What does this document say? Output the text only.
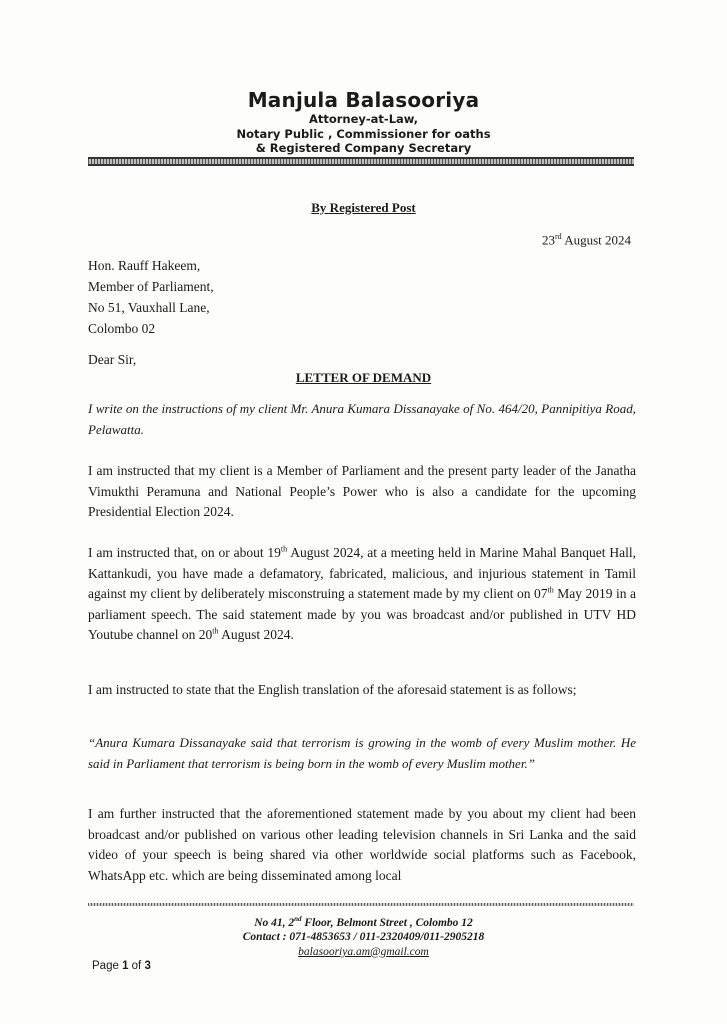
Manjula Balasooriya
Attorney-at-Law,
Notary Public , Commissioner for oaths
& Registered Company Secretary
By Registered Post
23rd August 2024
Hon. Rauff Hakeem,
Member of Parliament,
No 51, Vauxhall Lane,
Colombo 02
Dear Sir,
LETTER OF DEMAND
I write on the instructions of my client Mr. Anura Kumara Dissanayake of No. 464/20, Pannipitiya Road, Pelawatta.
I am instructed that my client is a Member of Parliament and the present party leader of the Janatha Vimukthi Peramuna and National People’s Power who is also a candidate for the upcoming Presidential Election 2024.
I am instructed that, on or about 19th August 2024, at a meeting held in Marine Mahal Banquet Hall, Kattankudi, you have made a defamatory, fabricated, malicious, and injurious statement in Tamil against my client by deliberately misconstruing a statement made by my client on 07th May 2019 in a parliament speech. The said statement made by you was broadcast and/or published in UTV HD Youtube channel on 20th August 2024.
I am instructed to state that the English translation of the aforesaid statement is as follows;
“Anura Kumara Dissanayake said that terrorism is growing in the womb of every Muslim mother. He said in Parliament that terrorism is being born in the womb of every Muslim mother.”
I am further instructed that the aforementioned statement made by you about my client had been broadcast and/or published on various other leading television channels in Sri Lanka and the said video of your speech is being shared via other worldwide social platforms such as Facebook, WhatsApp etc. which are being disseminated among local
No 41, 2nd Floor, Belmont Street , Colombo 12
Contact : 071-4853653 / 011-2320409/011-2905218
balasooriya.am@gmail.com
Page 1 of 3
